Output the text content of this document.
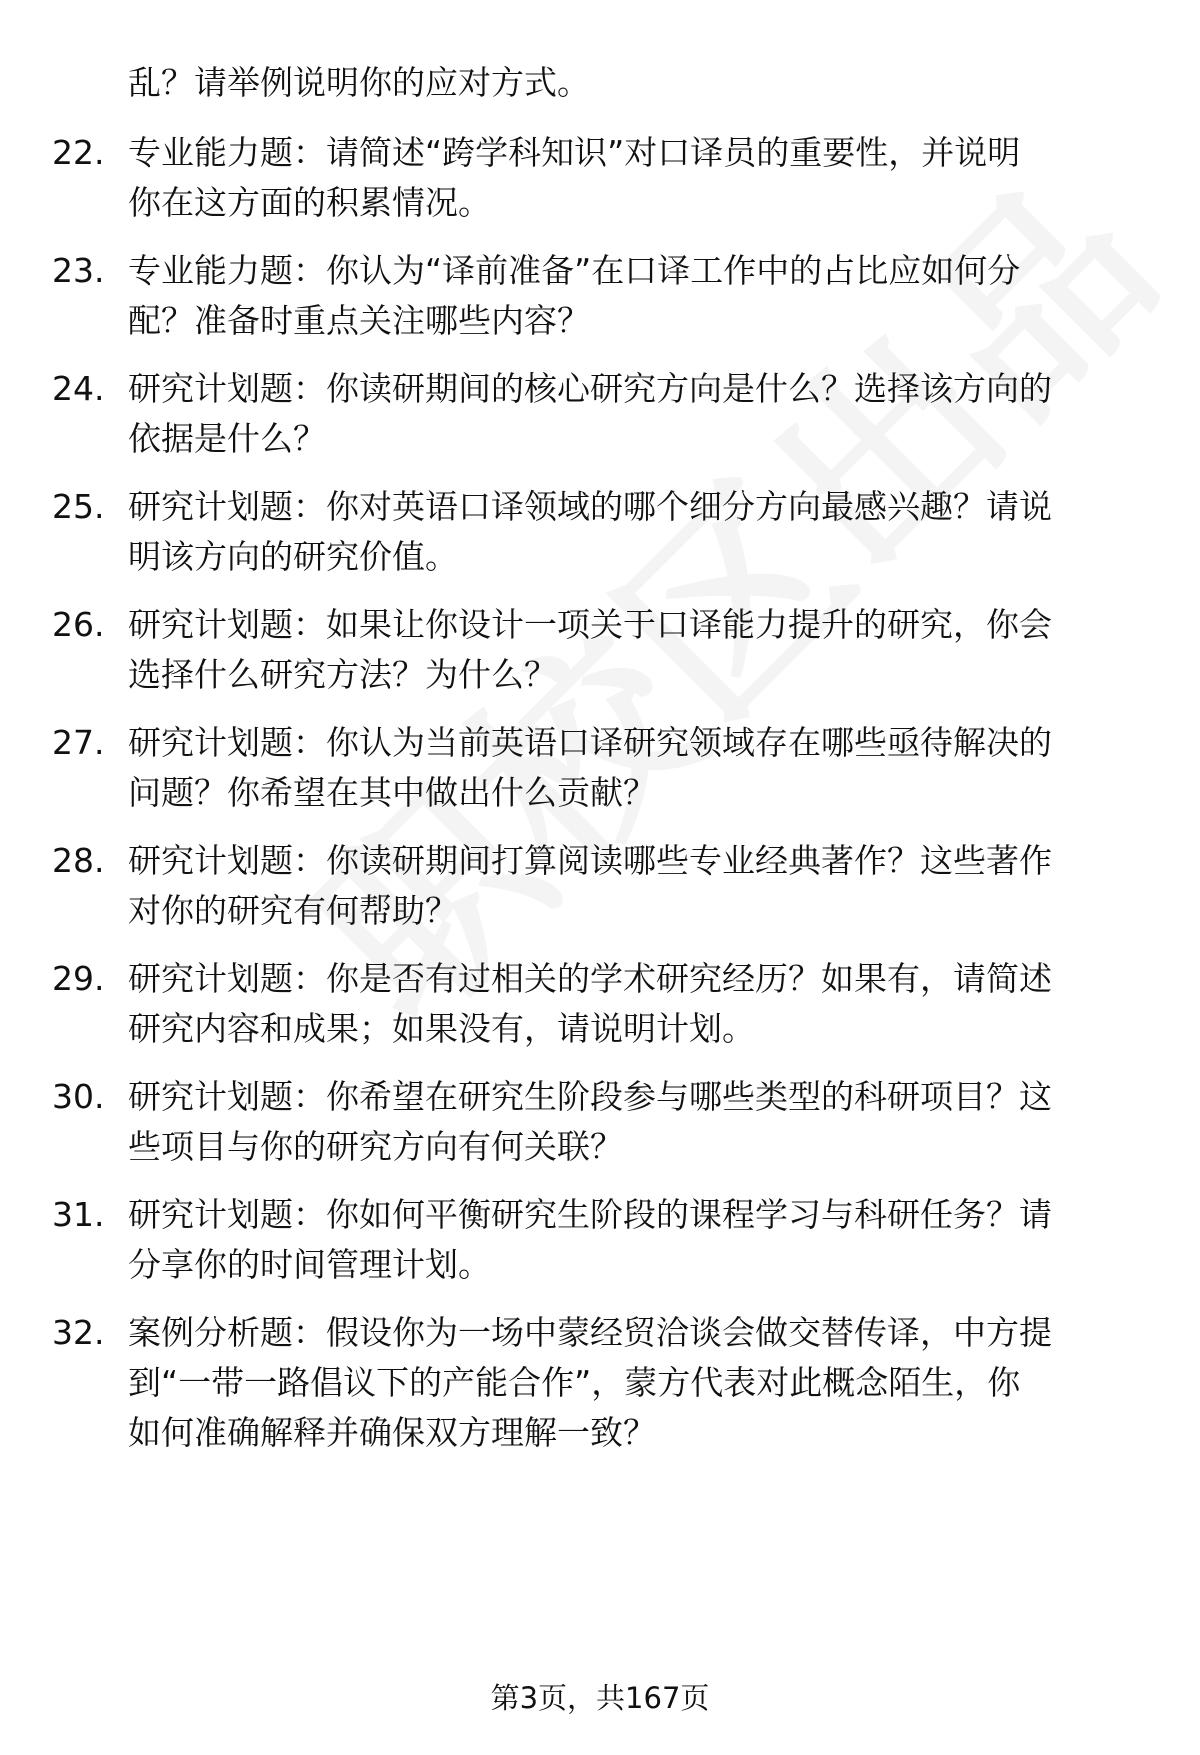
乱？请举例说明你的应对方式。
22. 专业能力题：请简述“跨学科知识”对口译员的重要性，并说明
你在这方面的积累情况。
23. 专业能力题：你认为“译前准备”在口译工作中的占比应如何分
配？准备时重点关注哪些内容？
24. 研究计划题：你读研期间的核心研究方向是什么？选择该方向的
依据是什么？
25. 研究计划题：你对英语口译领域的哪个细分方向最感兴趣？请说
明该方向的研究价值。
26. 研究计划题：如果让你设计一项关于口译能力提升的研究，你会
选择什么研究方法？为什么？
27. 研究计划题：你认为当前英语口译研究领域存在哪些亟待解决的
问题？你希望在其中做出什么贡献？
28. 研究计划题：你读研期间打算阅读哪些专业经典著作？这些著作
对你的研究有何帮助？
29. 研究计划题：你是否有过相关的学术研究经历？如果有，请简述
研究内容和成果；如果没有，请说明计划。
30. 研究计划题：你希望在研究生阶段参与哪些类型的科研项目？这
些项目与你的研究方向有何关联？
31. 研究计划题：你如何平衡研究生阶段的课程学习与科研任务？请
分享你的时间管理计划。
32. 案例分析题：假设你为一场中蒙经贸洽谈会做交替传译，中方提
到“一带一路倡议下的产能合作”，蒙方代表对此概念陌生，你
如何准确解释并确保双方理解一致？
第3页，共167页
